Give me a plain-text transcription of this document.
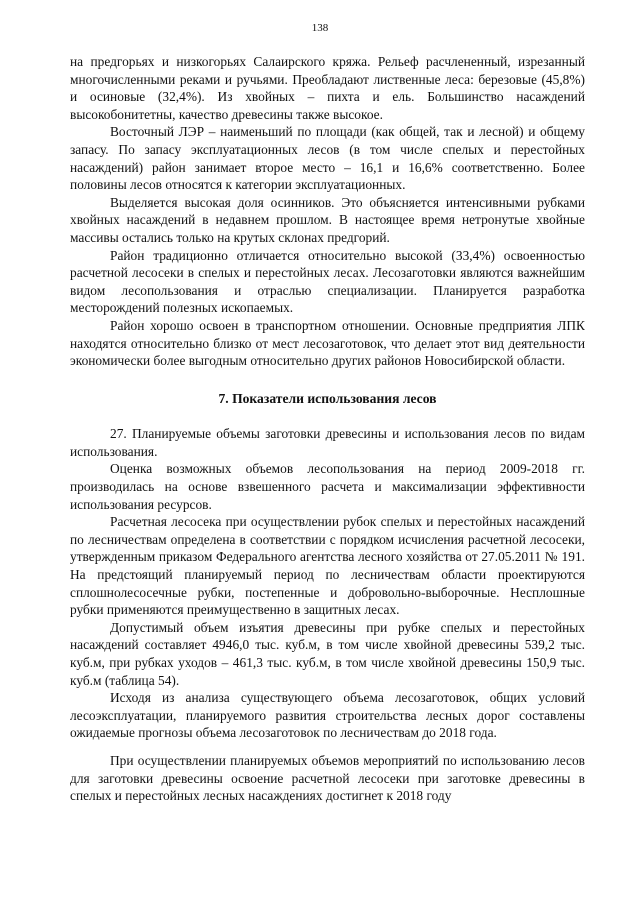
138

на предгорьях и низкогорьях Салаирского кряжа. Рельеф расчлененный, изрезанный многочисленными реками и ручьями. Преобладают лиственные леса: березовые (45,8%) и осиновые (32,4%). Из хвойных – пихта и ель. Большинство насаждений высокобонитетны, качество древесины также высокое.

Восточный ЛЭР – наименьший по площади (как общей, так и лесной) и общему запасу. По запасу эксплуатационных лесов (в том числе спелых и перестойных насаждений) район занимает второе место – 16,1 и 16,6% соответственно. Более половины лесов относятся к категории эксплуатационных.

Выделяется высокая доля осинников. Это объясняется интенсивными рубками хвойных насаждений в недавнем прошлом. В настоящее время нетронутые хвойные массивы остались только на крутых склонах предгорий.

Район традиционно отличается относительно высокой (33,4%) освоенностью расчетной лесосеки в спелых и перестойных лесах. Лесозаготовки являются важнейшим видом лесопользования и отраслью специализации. Планируется разработка месторождений полезных ископаемых.

Район хорошо освоен в транспортном отношении. Основные предприятия ЛПК находятся относительно близко от мест лесозаготовок, что делает этот вид деятельности экономически более выгодным относительно других районов Новосибирской области.

7. Показатели использования лесов

27. Планируемые объемы заготовки древесины и использования лесов по видам использования.

Оценка возможных объемов лесопользования на период 2009-2018 гг. производилась на основе взвешенного расчета и максимализации эффективности использования ресурсов.

Расчетная лесосека при осуществлении рубок спелых и перестойных насаждений по лесничествам определена в соответствии с порядком исчисления расчетной лесосеки, утвержденным приказом Федерального агентства лесного хозяйства от 27.05.2011 № 191. На предстоящий планируемый период по лесничествам области проектируются сплошнолесосечные рубки, постепенные и добровольно-выборочные. Несплошные рубки применяются преимущественно в защитных лесах.

Допустимый объем изъятия древесины при рубке спелых и перестойных насаждений составляет 4946,0 тыс. куб.м, в том числе хвойной древесины 539,2 тыс. куб.м, при рубках уходов – 461,3 тыс. куб.м, в том числе хвойной древесины 150,9 тыс. куб.м (таблица 54).

Исходя из анализа существующего объема лесозаготовок, общих условий лесоэксплуатации, планируемого развития строительства лесных дорог составлены ожидаемые прогнозы объема лесозаготовок по лесничествам до 2018 года.

При осуществлении планируемых объемов мероприятий по использованию лесов для заготовки древесины освоение расчетной лесосеки при заготовке древесины в спелых и перестойных лесных насаждениях достигнет к 2018 году
